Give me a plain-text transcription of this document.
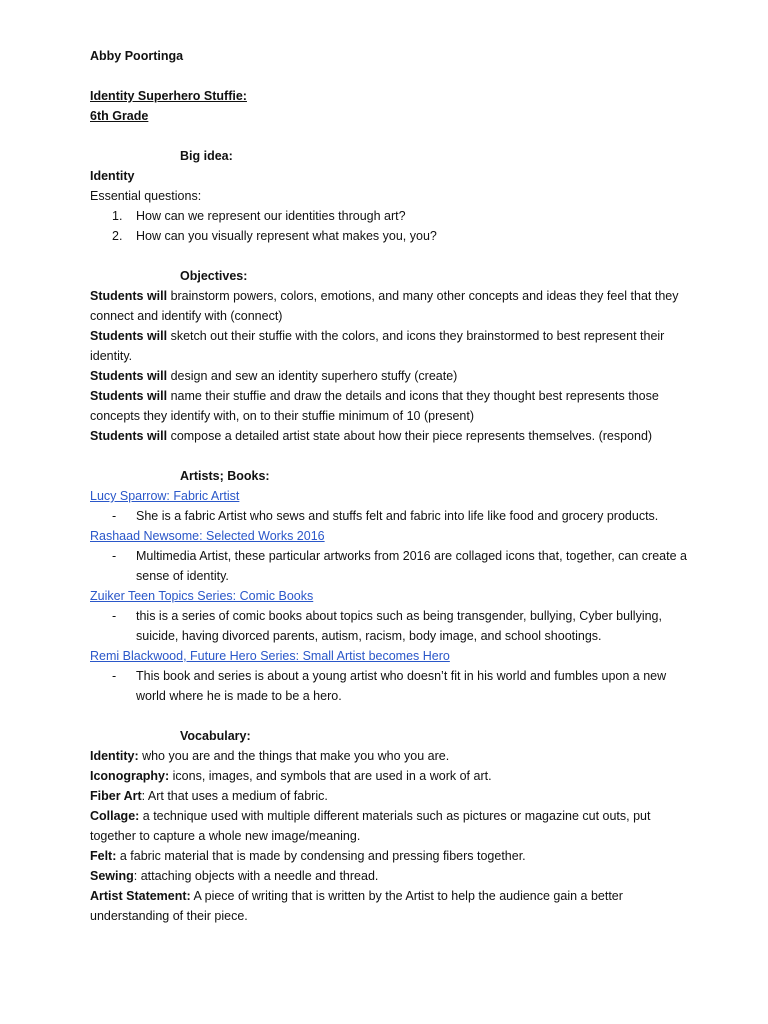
Abby Poortinga
Identity Superhero Stuffie:
6th Grade
Big idea:
Identity
Essential questions:
1. How can we represent our identities through art?
2. How can you visually represent what makes you, you?
Objectives:

Students will brainstorm powers, colors, emotions, and many other concepts and ideas they feel that they connect and identify with (connect)

Students will sketch out their stuffie with the colors, and icons they brainstormed to best represent their identity.

Students will design and sew an identity superhero stuffy (create)

Students will name their stuffie and draw the details and icons that they thought best represents those concepts they identify with, on to their stuffie minimum of 10 (present)

Students will compose a detailed artist state about how their piece represents themselves. (respond)

Artists; Books:
Lucy Sparrow: Fabric Artist
- She is a fabric Artist who sews and stuffs felt and fabric into life like food and grocery products.
Rashaad Newsome: Selected Works 2016
- Multimedia Artist, these particular artworks from 2016 are collaged icons that, together, can create a sense of identity.
Zuiker Teen Topics Series: Comic Books
- this is a series of comic books about topics such as being transgender, bullying, Cyber bullying, suicide, having divorced parents, autism, racism, body image, and school shootings.
Remi Blackwood, Future Hero Series: Small Artist becomes Hero
- This book and series is about a young artist who doesn’t fit in his world and fumbles upon a new world where he is made to be a hero.
Vocabulary:

Identity: who you are and the things that make you who you are.

Iconography: icons, images, and symbols that are used in a work of art.

Fiber Art: Art that uses a medium of fabric.

Collage: a technique used with multiple different materials such as pictures or magazine cut outs, put together to capture a whole new image/meaning.

Felt: a fabric material that is made by condensing and pressing fibers together.

Sewing: attaching objects with a needle and thread.

Artist Statement: A piece of writing that is written by the Artist to help the audience gain a better understanding of their piece.
